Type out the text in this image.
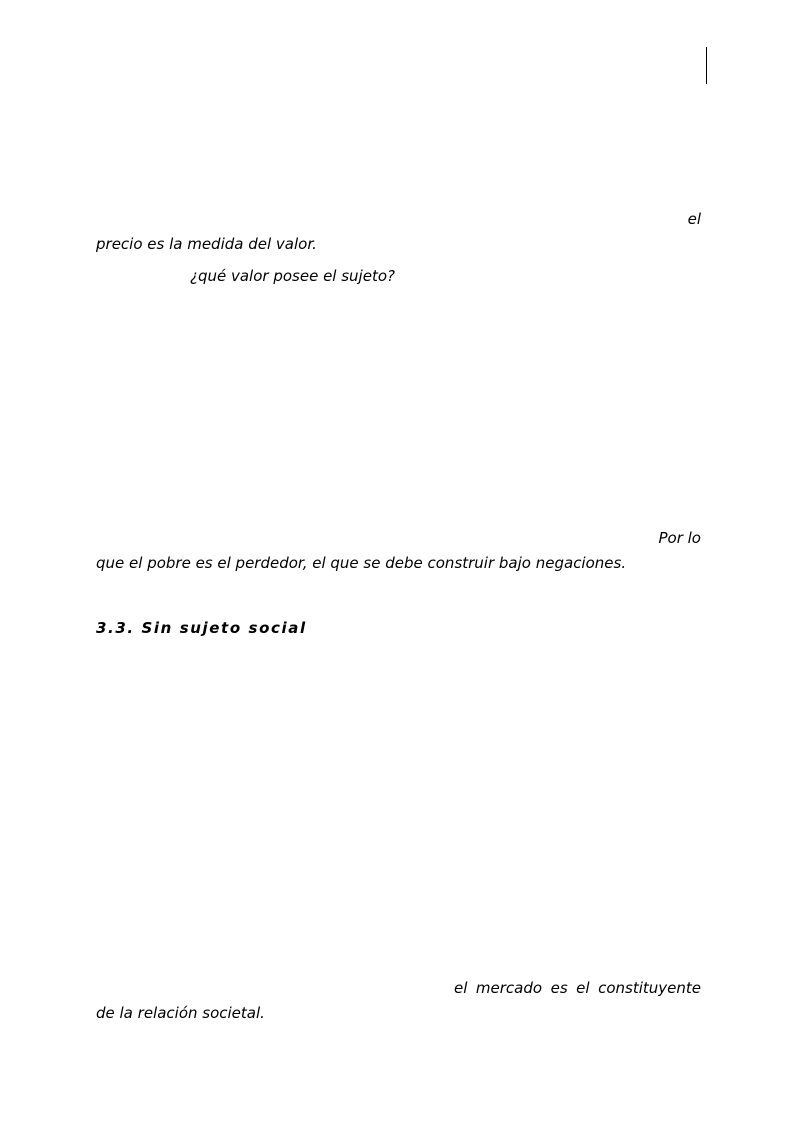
el
precio es la medida del valor.
¿qué valor posee el sujeto?
Por lo
que el pobre es el perdedor, el que se debe construir bajo negaciones.
3.3. Sin sujeto social
el mercado es el constituyente
de la relación societal.
